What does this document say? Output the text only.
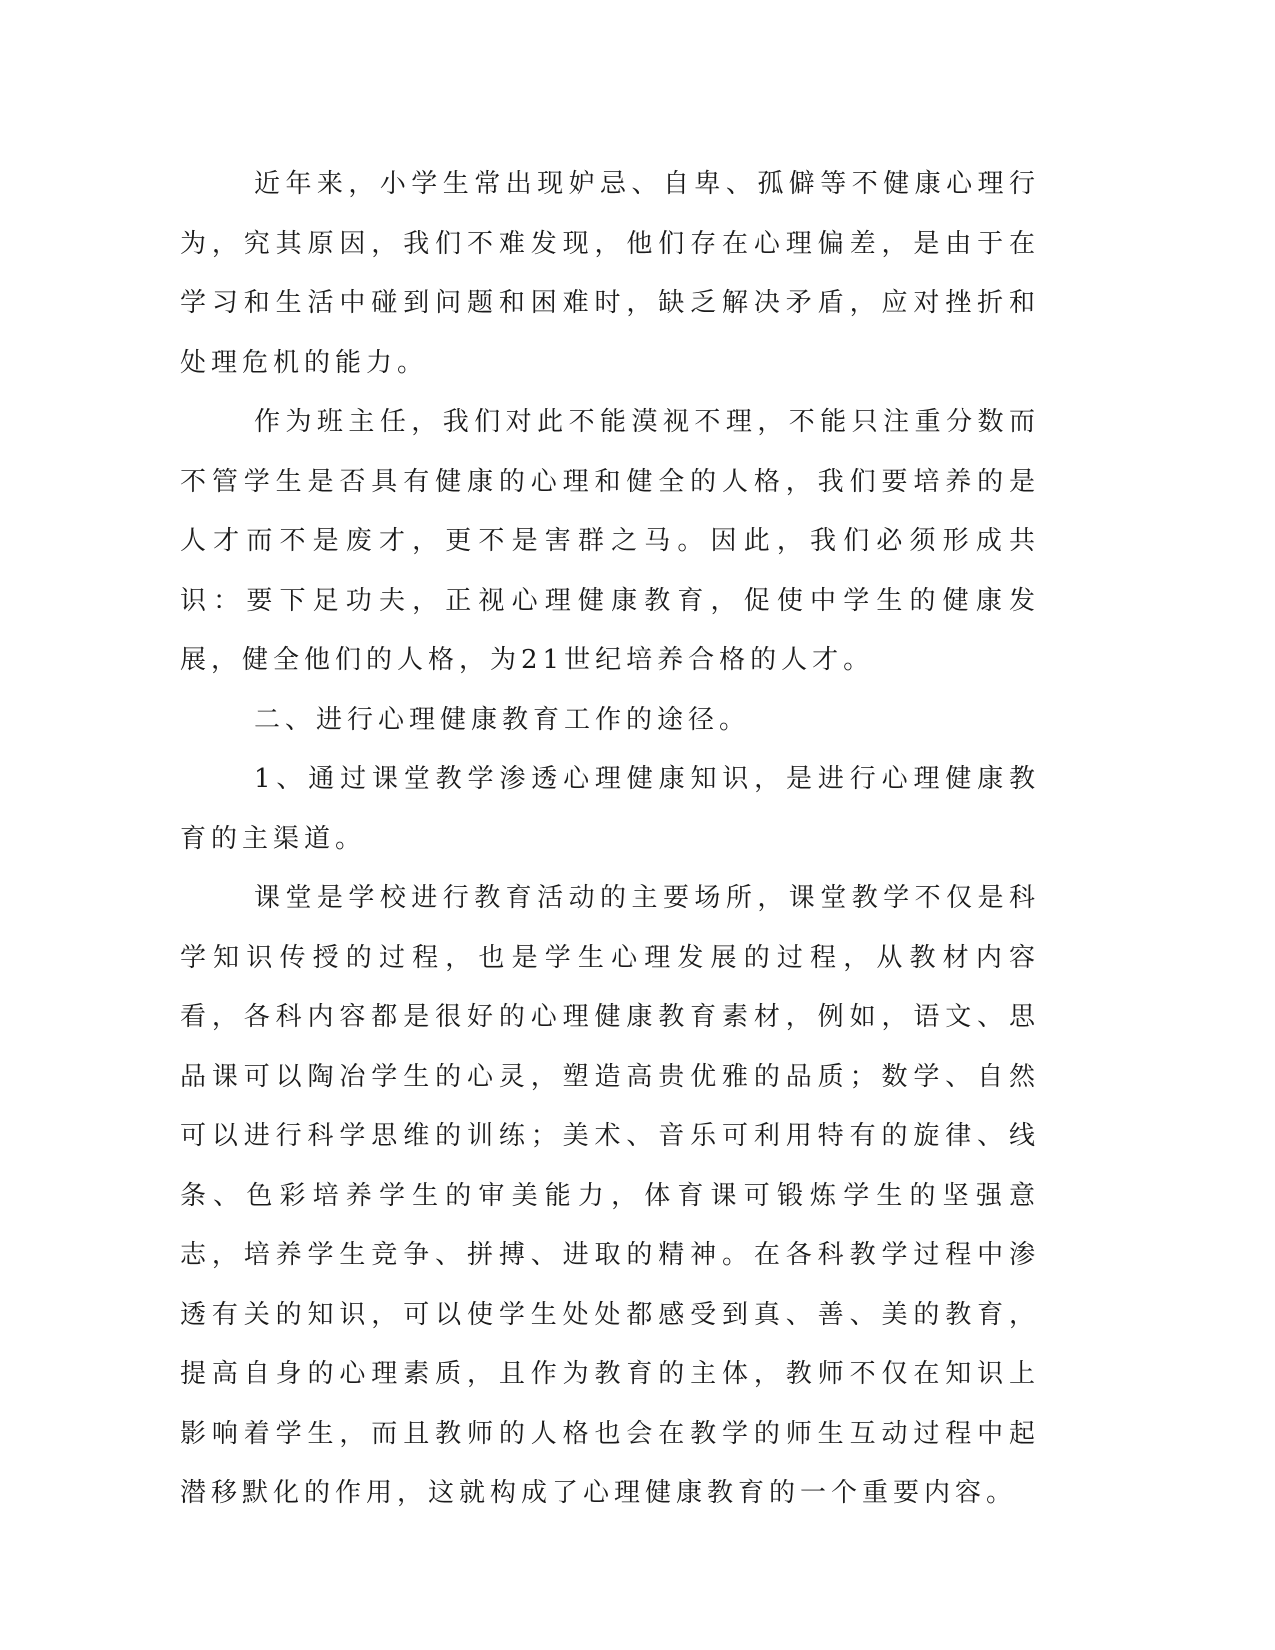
近年来，小学生常出现妒忌、自卑、孤僻等不健康心理行为，究其原因，我们不难发现，他们存在心理偏差，是由于在学习和生活中碰到问题和困难时，缺乏解决矛盾，应对挫折和处理危机的能力。

作为班主任，我们对此不能漠视不理，不能只注重分数而不管学生是否具有健康的心理和健全的人格，我们要培养的是人才而不是废才，更不是害群之马。因此，我们必须形成共识：要下足功夫，正视心理健康教育，促使中学生的健康发展，健全他们的人格，为21世纪培养合格的人才。

二、进行心理健康教育工作的途径。

1、通过课堂教学渗透心理健康知识，是进行心理健康教育的主渠道。

课堂是学校进行教育活动的主要场所，课堂教学不仅是科学知识传授的过程，也是学生心理发展的过程，从教材内容看，各科内容都是很好的心理健康教育素材，例如，语文、思品课可以陶冶学生的心灵，塑造高贵优雅的品质；数学、自然可以进行科学思维的训练；美术、音乐可利用特有的旋律、线条、色彩培养学生的审美能力，体育课可锻炼学生的坚强意志，培养学生竞争、拼搏、进取的精神。在各科教学过程中渗透有关的知识，可以使学生处处都感受到真、善、美的教育，提高自身的心理素质，且作为教育的主体，教师不仅在知识上影响着学生，而且教师的人格也会在教学的师生互动过程中起潜移默化的作用，这就构成了心理健康教育的一个重要内容。
